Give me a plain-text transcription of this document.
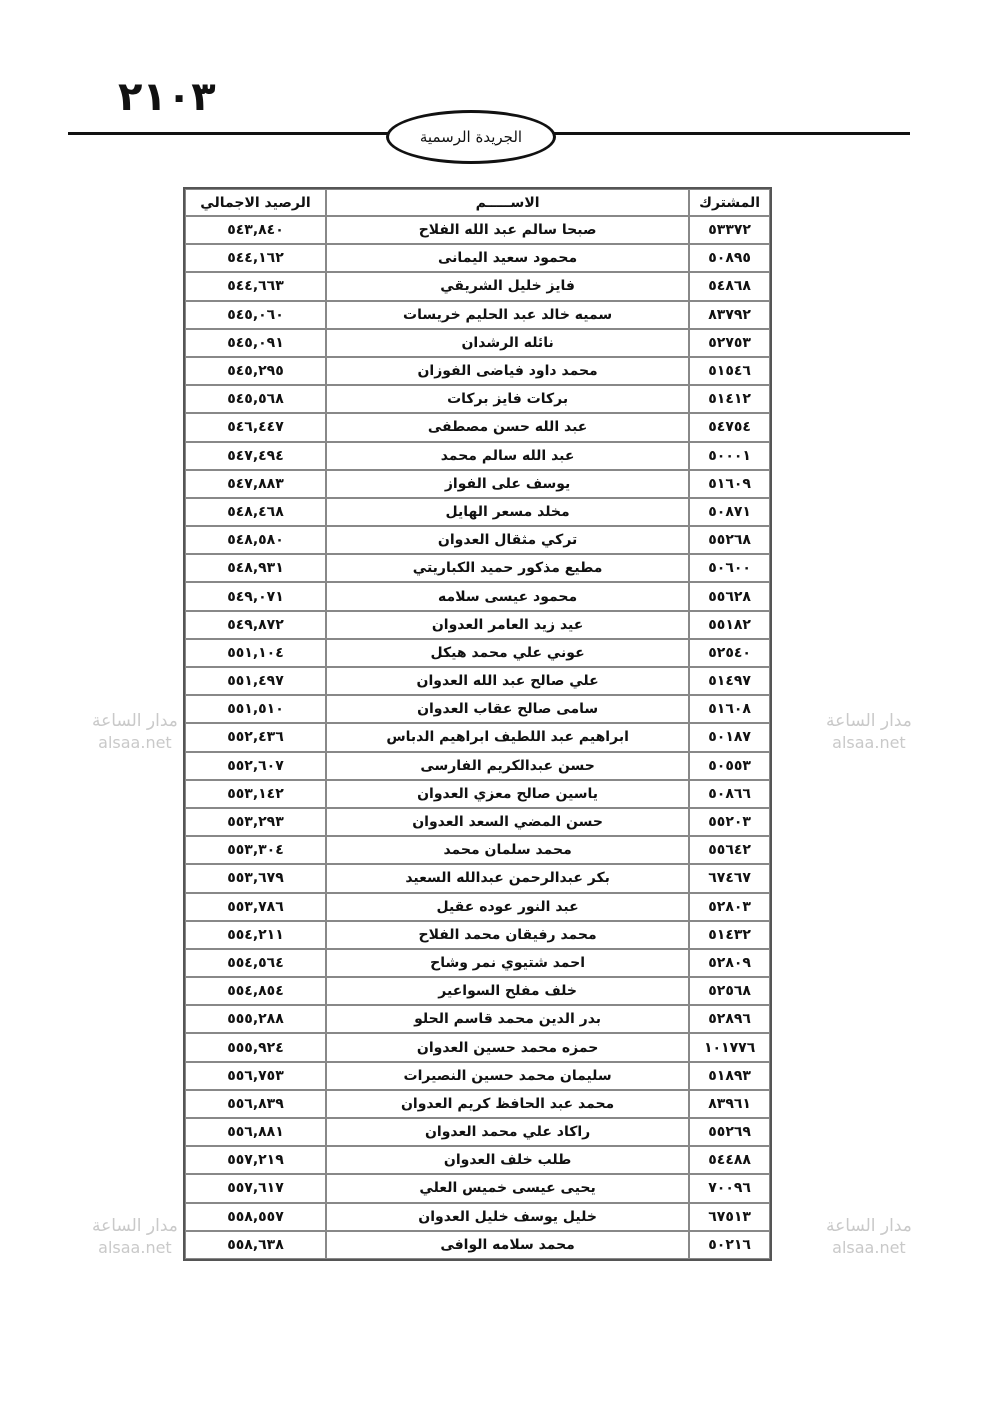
٢١٠٣
الجريدة الرسمية
المشترك	الاســـــم	الرصيد الاجمالي
٥٣٣٧٢	صبحا سالم عبد الله الفلاح	٥٤٣,٨٤٠
٥٠٨٩٥	محمود سعيد اليمانى	٥٤٤,١٦٢
٥٤٨٦٨	فايز خليل الشريقي	٥٤٤,٦٦٣
٨٣٧٩٢	سميه خالد عبد الحليم خريسات	٥٤٥,٠٦٠
٥٢٧٥٣	نائله الرشدان	٥٤٥,٠٩١
٥١٥٤٦	محمد داود فياضى الفوزان	٥٤٥,٢٩٥
٥١٤١٢	بركات فايز بركات	٥٤٥,٥٦٨
٥٤٧٥٤	عبد الله حسن مصطفى	٥٤٦,٤٤٧
٥٠٠٠١	عبد الله سالم محمد	٥٤٧,٤٩٤
٥١٦٠٩	يوسف على الفواز	٥٤٧,٨٨٣
٥٠٨٧١	مخلد مسعر الهايل	٥٤٨,٤٦٨
٥٥٢٦٨	تركي مثقال العدوان	٥٤٨,٥٨٠
٥٠٦٠٠	مطيع مذكور حميد الكباريتي	٥٤٨,٩٣١
٥٥٦٢٨	محمود عيسى سلامه	٥٤٩,٠٧١
٥٥١٨٢	عيد زيد العامر العدوان	٥٤٩,٨٧٢
٥٢٥٤٠	عوني علي محمد هيكل	٥٥١,١٠٤
٥١٤٩٧	علي صالح عبد الله العدوان	٥٥١,٤٩٧
٥١٦٠٨	سامى صالح عقاب العدوان	٥٥١,٥١٠
٥٠١٨٧	ابراهيم عبد اللطيف ابراهيم الدباس	٥٥٢,٤٣٦
٥٠٥٥٣	حسن عبدالكريم الفارسى	٥٥٢,٦٠٧
٥٠٨٦٦	ياسين صالح معزي العدوان	٥٥٣,١٤٢
٥٥٢٠٣	حسن المضي السعد العدوان	٥٥٣,٢٩٣
٥٥٦٤٢	محمد سلمان محمد	٥٥٣,٣٠٤
٦٧٤٦٧	بكر عبدالرحمن عبدالله السعيد	٥٥٣,٦٧٩
٥٢٨٠٣	عبد النور عوده عقيل	٥٥٣,٧٨٦
٥١٤٣٢	محمد رفيقان محمد الفلاح	٥٥٤,٢١١
٥٢٨٠٩	احمد شتيوي نمر وشاح	٥٥٤,٥٦٤
٥٢٥٦٨	خلف مفلح السواعير	٥٥٤,٨٥٤
٥٢٨٩٦	بدر الدين محمد قاسم الحلو	٥٥٥,٢٨٨
١٠١٧٧٦	حمزه محمد حسين العدوان	٥٥٥,٩٢٤
٥١٨٩٣	سليمان محمد حسين النصيرات	٥٥٦,٧٥٣
٨٣٩٦١	محمد عبد الحافظ كريم العدوان	٥٥٦,٨٣٩
٥٥٢٦٩	راكاد علي محمد العدوان	٥٥٦,٨٨١
٥٤٤٨٨	طلب خلف العدوان	٥٥٧,٢١٩
٧٠٠٩٦	يحيى عيسى خميس العلي	٥٥٧,٦١٧
٦٧٥١٣	خليل يوسف خليل العدوان	٥٥٨,٥٥٧
٥٠٢١٦	محمد سلامه الوافى	٥٥٨,٦٣٨
مدار الساعة
alsaa.net
مدار الساعة
alsaa.net
مدار الساعة
alsaa.net
مدار الساعة
alsaa.net
